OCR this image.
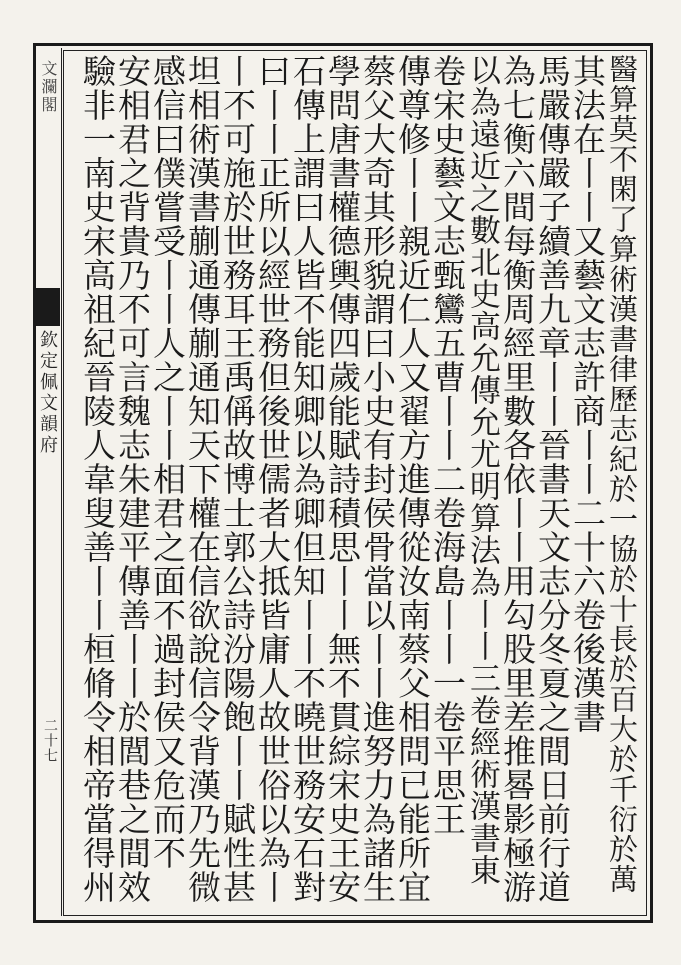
文瀾閣
欽定佩文韻府
二十七	醫算莫不閑了算術漢書律歷志紀於一協於十長於百大於千衍於萬
其法在丨丨又藝文志許商丨丨二十六卷後漢書
馬嚴傳嚴子續善九章丨丨晉書天文志分冬夏之間日前行道
為七衡六間每衡周經里數各依丨丨用勾股里差推晷影極游
以為遠近之數北史高允傳允尤明算法為丨丨三卷經術漢書東
卷宋史藝文志甄鸞五曹丨丨二卷海島丨丨一卷平思王
傳尊修丨丨親近仁人又翟方進傳從汝南蔡父相問已能所宜
蔡父大奇其形貌謂曰小史有封侯骨當以丨丨進努力為諸生
學問唐書權德輿傳四歲能賦詩積思丨丨無不貫綜宋史王安
石傳上謂曰人皆不能知卿以為卿但知丨丨不曉世務安石對
曰丨丨正所以經世務但後世儒者大抵皆庸人故世俗以為丨
丨不可施於世務耳王禹偁故博士郭公詩汾陽飽丨丨賦性甚
坦相術漢書蒯通傳蒯通知天下權在信欲說信令背漢乃先微
感信曰僕嘗受丨丨人之丨丨相君之面不過封侯又危而不
安相君之背貴乃不可言魏志朱建平傳善丨丨於閭巷之間效
驗非一南史宋高祖紀晉陵人韋叟善丨丨桓脩令相帝當得州
